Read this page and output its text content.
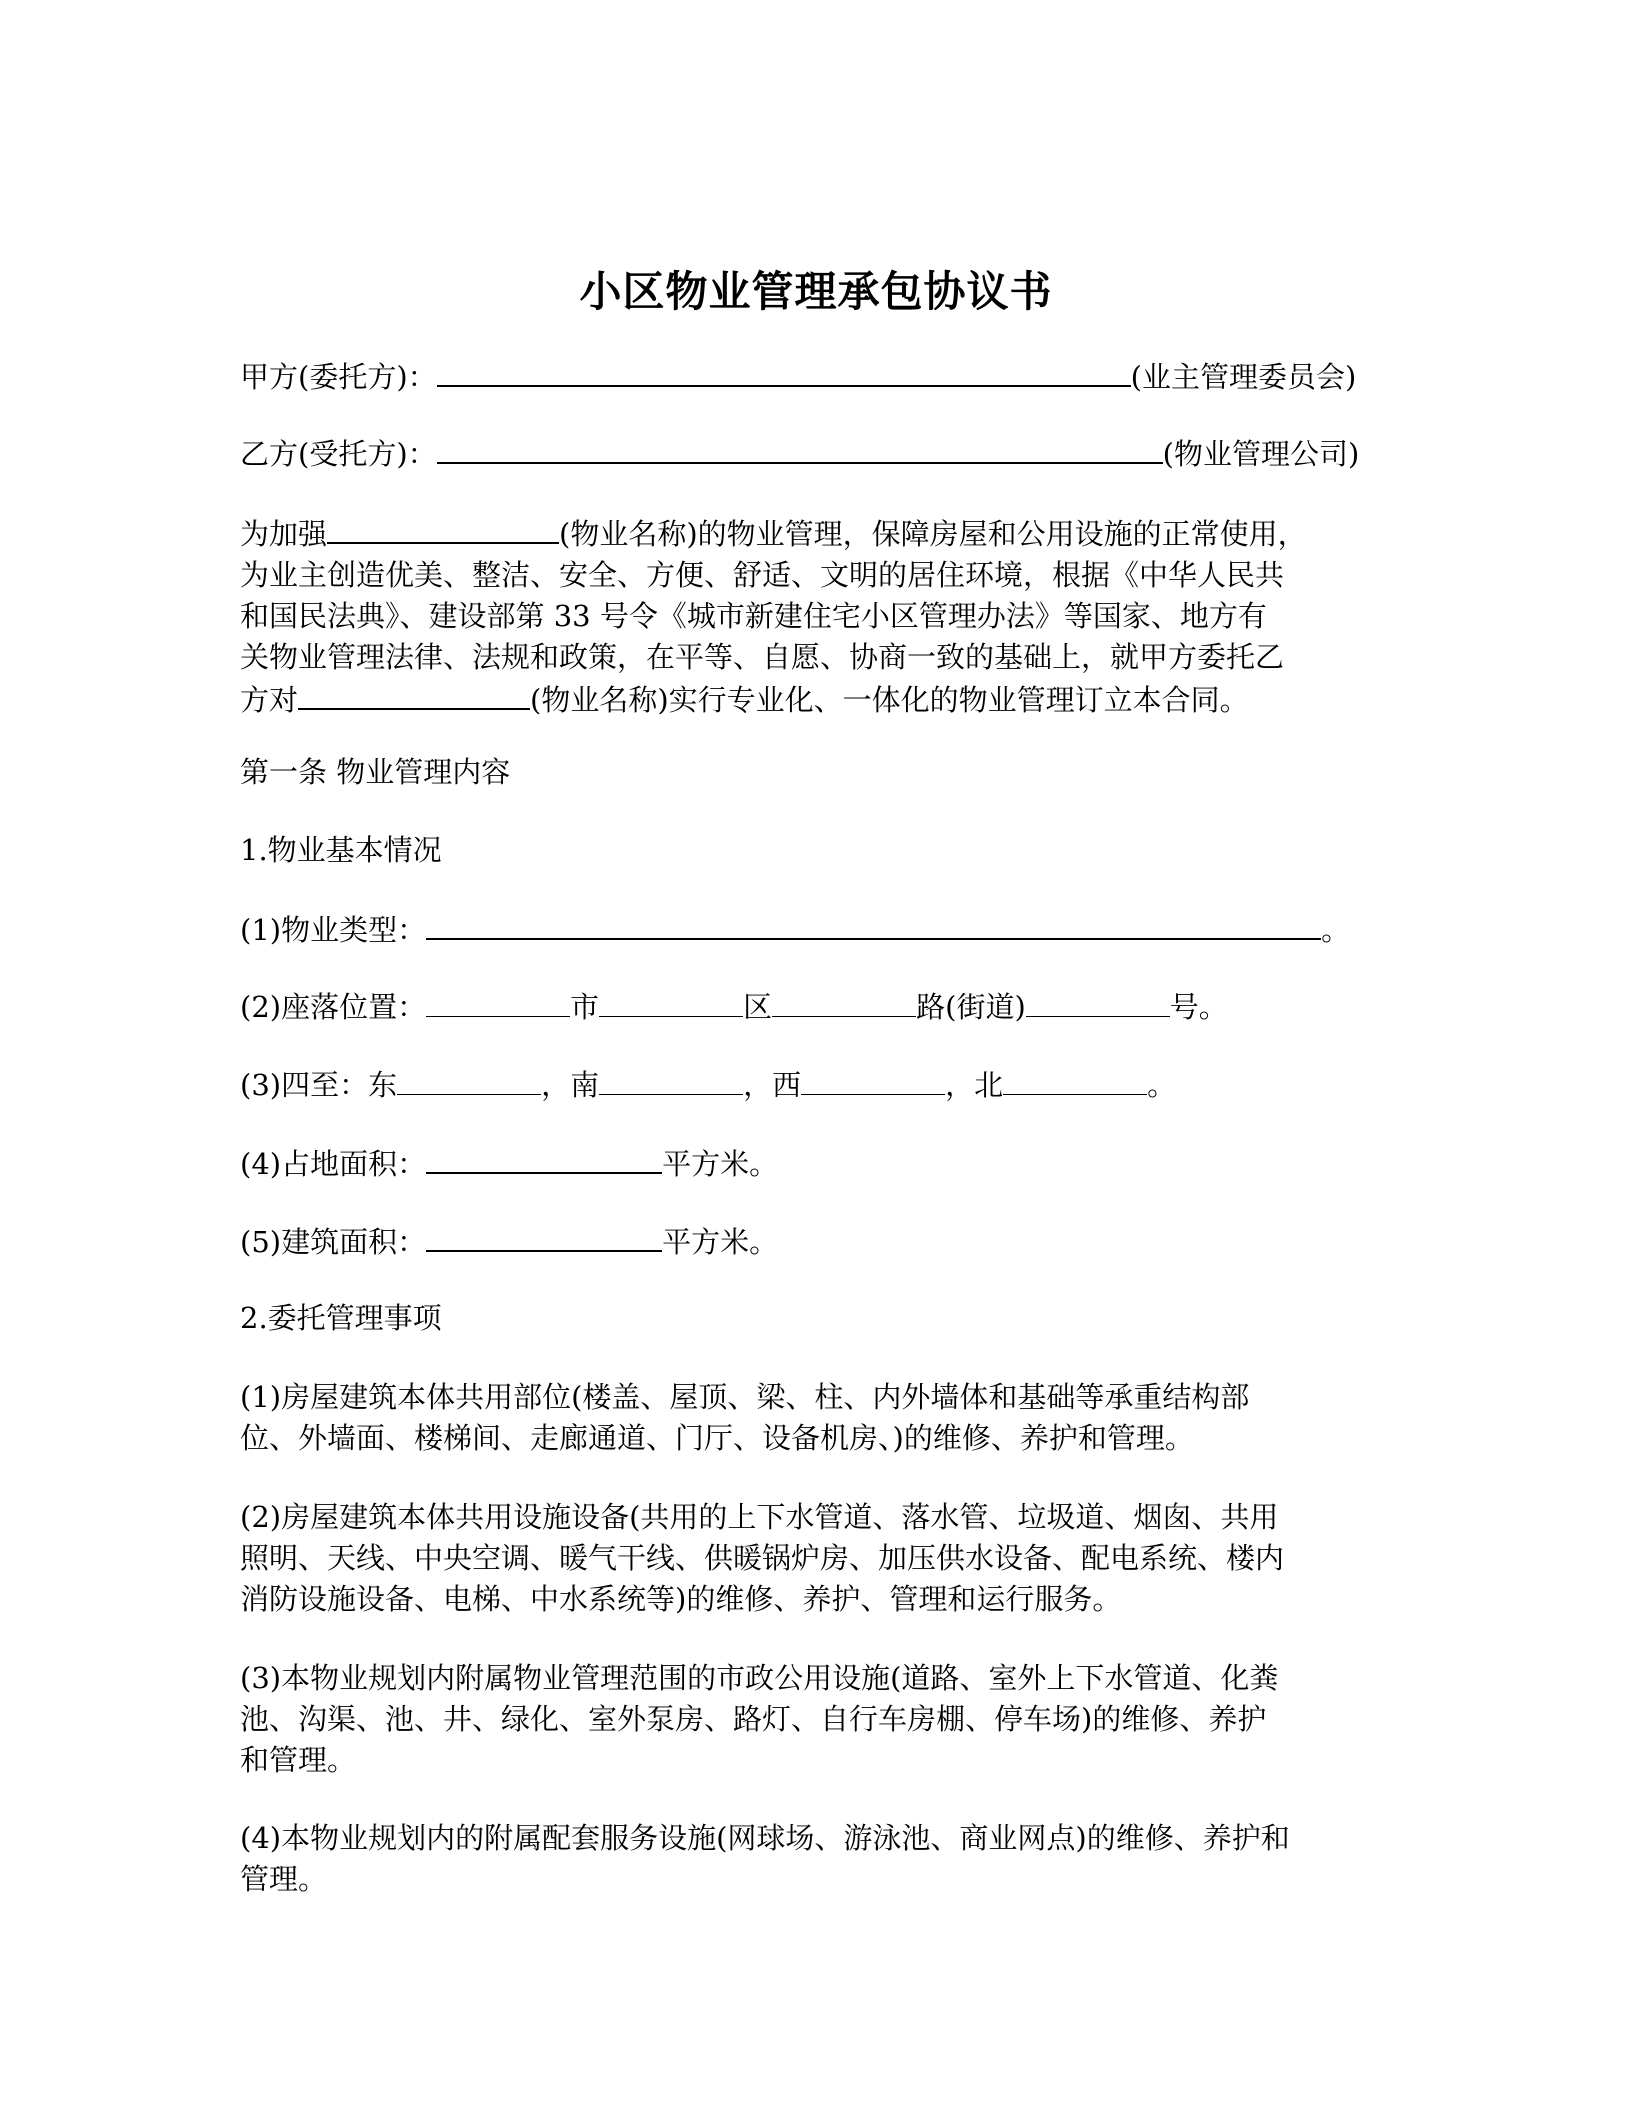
小区物业管理承包协议书
甲方(委托方)：	(业主管理委员会)
乙方(受托方)：	(物业管理公司)
为加强	(物业名称)的物业管理，保障房屋和公用设施的正常使用，
为业主创造优美、整洁、安全、方便、舒适、文明的居住环境，根据《中华人民共
和国民法典》、建设部第 33 号令《城市新建住宅小区管理办法》等国家、地方有
关物业管理法律、法规和政策，在平等、自愿、协商一致的基础上，就甲方委托乙
方对	(物业名称)实行专业化、一体化的物业管理订立本合同。
第一条 物业管理内容
1.物业基本情况
(1)物业类型：	。
(2)座落位置：	市	区	路(街道)	号。
(3)四至：东	，南	，西	，北	。
(4)占地面积：	平方米。
(5)建筑面积：	平方米。
2.委托管理事项
(1)房屋建筑本体共用部位(楼盖、屋顶、梁、柱、内外墙体和基础等承重结构部
位、外墙面、楼梯间、走廊通道、门厅、设备机房、)的维修、养护和管理。
(2)房屋建筑本体共用设施设备(共用的上下水管道、落水管、垃圾道、烟囱、共用
照明、天线、中央空调、暖气干线、供暖锅炉房、加压供水设备、配电系统、楼内
消防设施设备、电梯、中水系统等)的维修、养护、管理和运行服务。
(3)本物业规划内附属物业管理范围的市政公用设施(道路、室外上下水管道、化粪
池、沟渠、池、井、绿化、室外泵房、路灯、自行车房棚、停车场)的维修、养护
和管理。
(4)本物业规划内的附属配套服务设施(网球场、游泳池、商业网点)的维修、养护和
管理。
